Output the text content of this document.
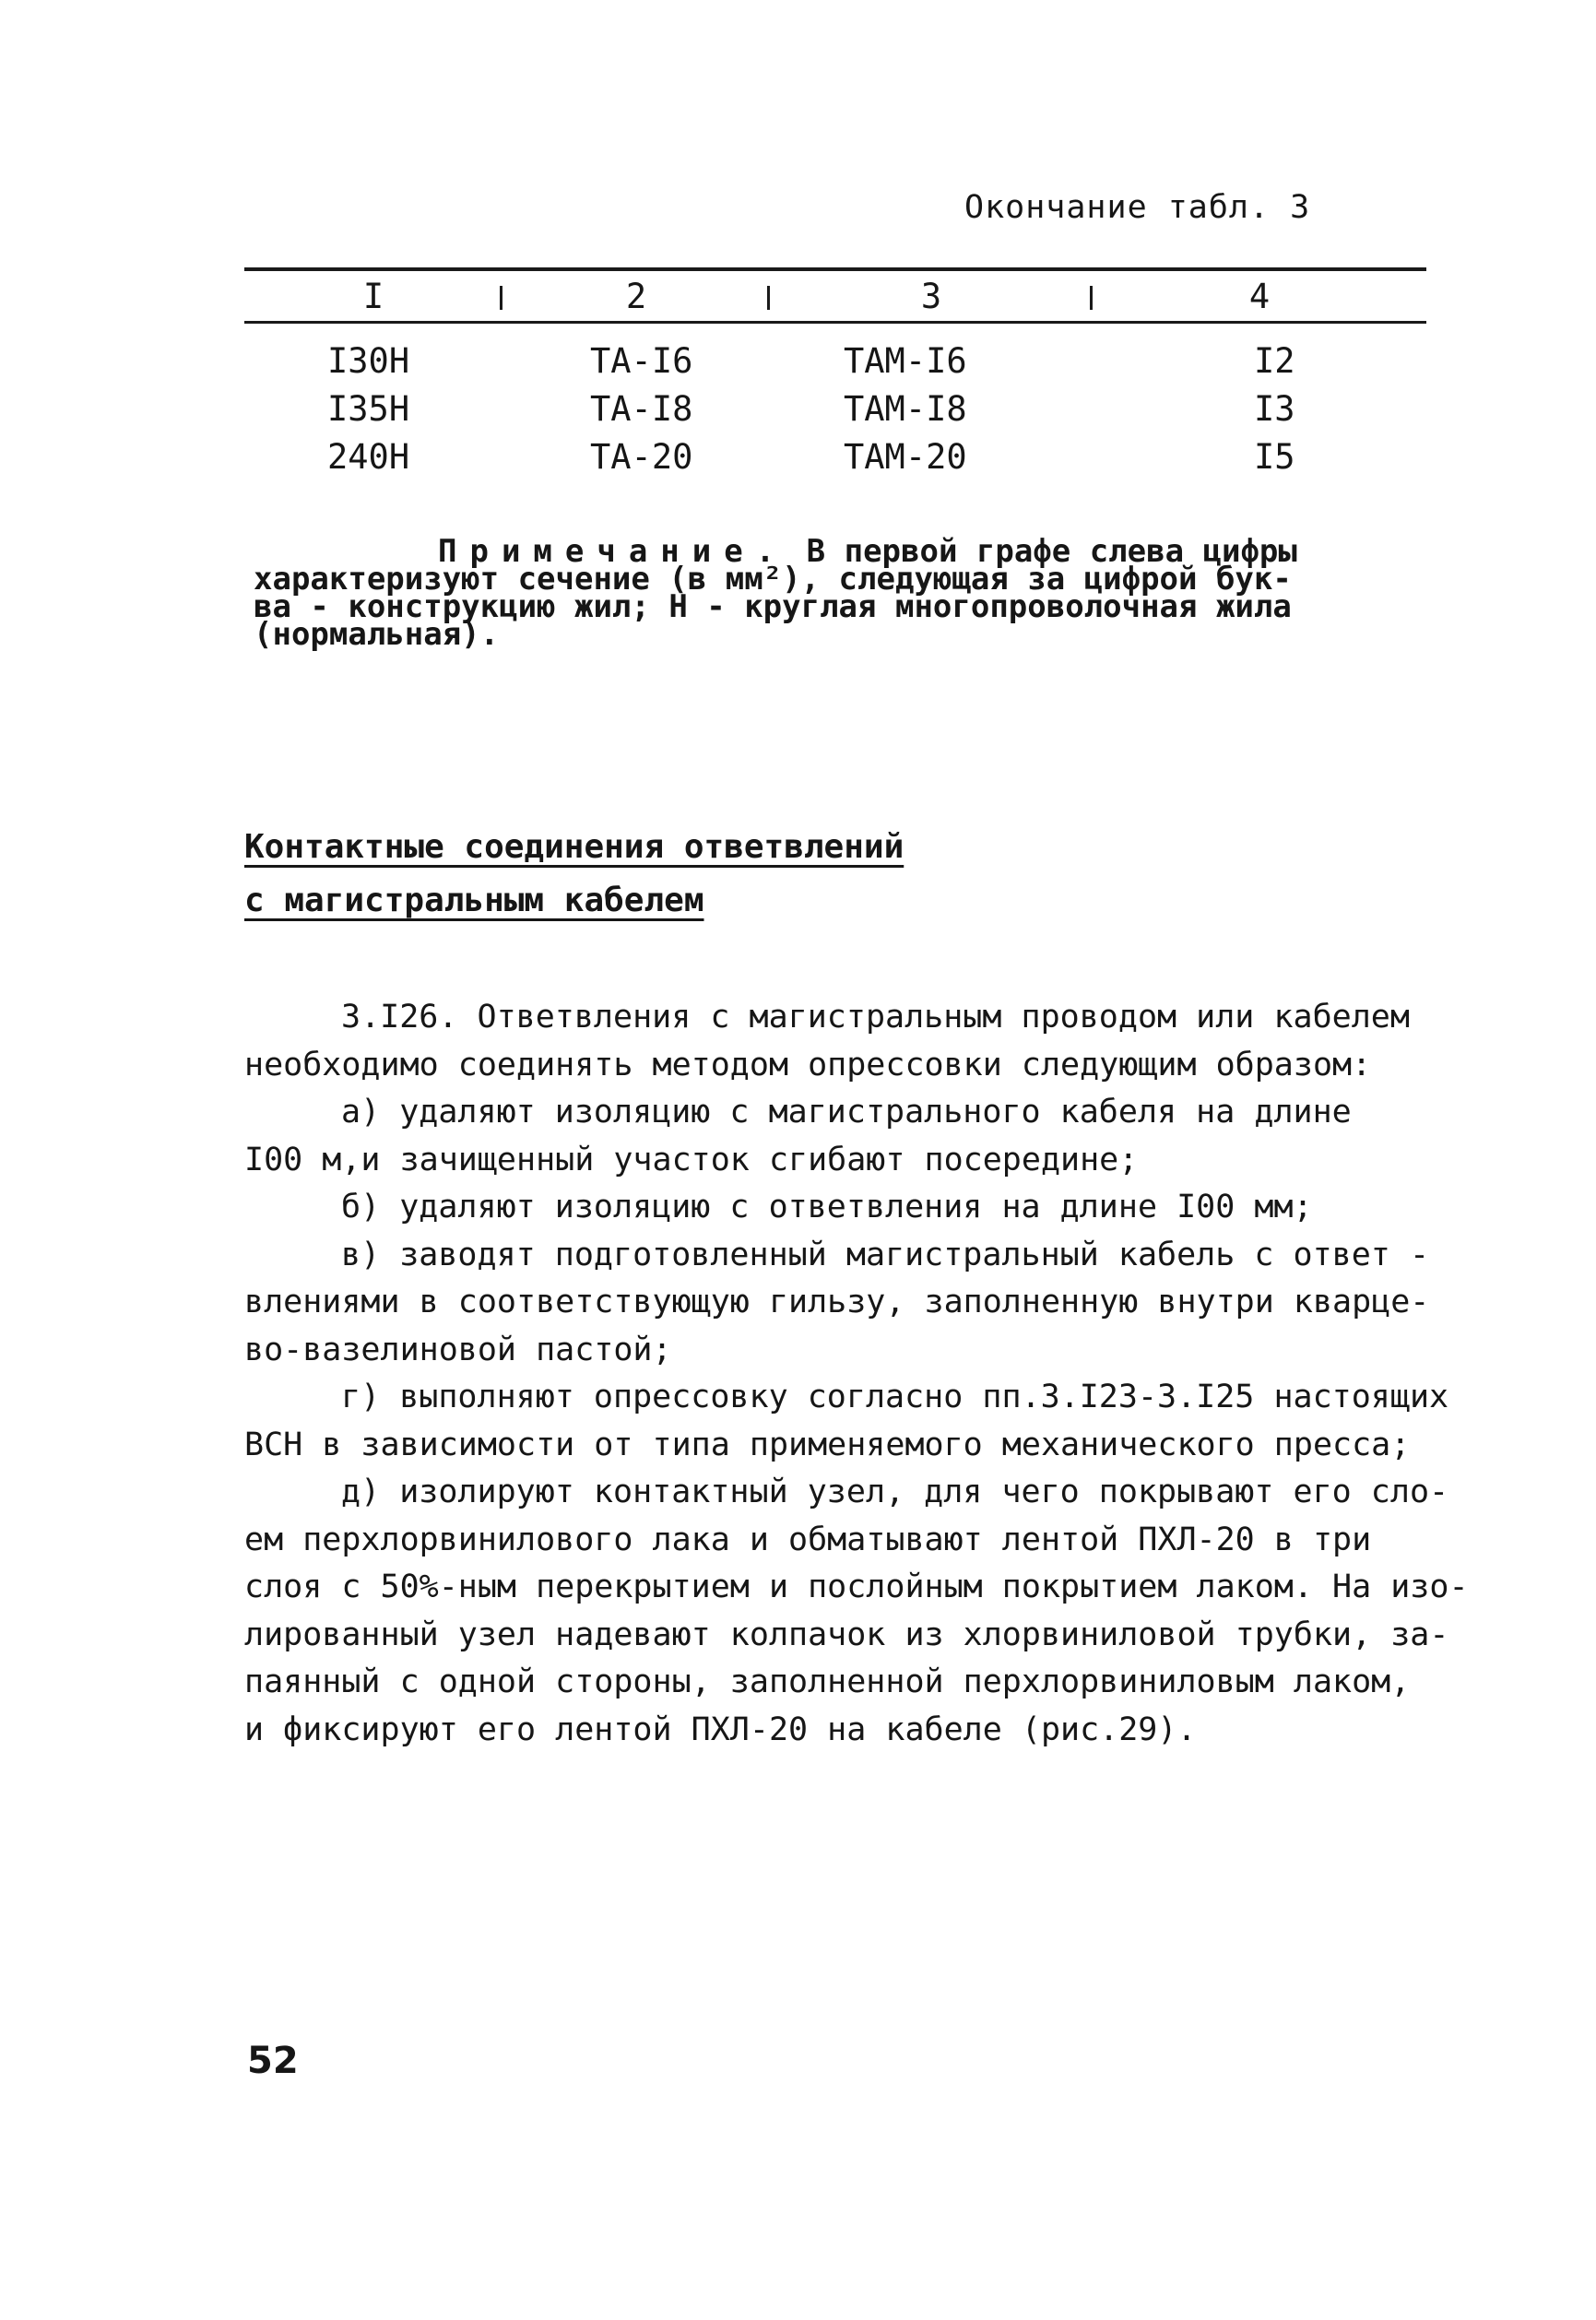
Окончание табл. 3
I	2	3	4
I30Н	ТА-I6	ТАМ-I6	I2
I35Н	ТА-I8	ТАМ-I8	I3
240Н	ТА-20	ТАМ-20	I5
Примечание. В первой графе слева цифры
характеризуют сечение (в мм²), следующая за цифрой бук-
ва - конструкцию жил; Н - круглая многопроволочная жила
(нормальная).
Контактные соединения ответвлений
с магистральным кабелем
3.I26. Ответвления с магистральным проводом или кабелем
необходимо соединять методом опрессовки следующим образом:
а) удаляют изоляцию с магистрального кабеля на длине
I00 м,и зачищенный участок сгибают посередине;
б) удаляют изоляцию с ответвления на длине I00 мм;
в) заводят подготовленный магистральный кабель с ответ -
влениями в соответствующую гильзу, заполненную внутри кварце-
во-вазелиновой пастой;
г) выполняют опрессовку согласно пп.3.I23-3.I25 настоящих
ВСН в зависимости от типа применяемого механического пресса;
д) изолируют контактный узел, для чего покрывают его сло-
ем перхлорвинилового лака и обматывают лентой ПХЛ-20 в три
слоя с 50%-ным перекрытием и послойным покрытием лаком. На изо-
лированный узел надевают колпачок из хлорвиниловой трубки, за-
паянный с одной стороны, заполненной перхлорвиниловым лаком,
и фиксируют его лентой ПХЛ-20 на кабеле (рис.29).
52
